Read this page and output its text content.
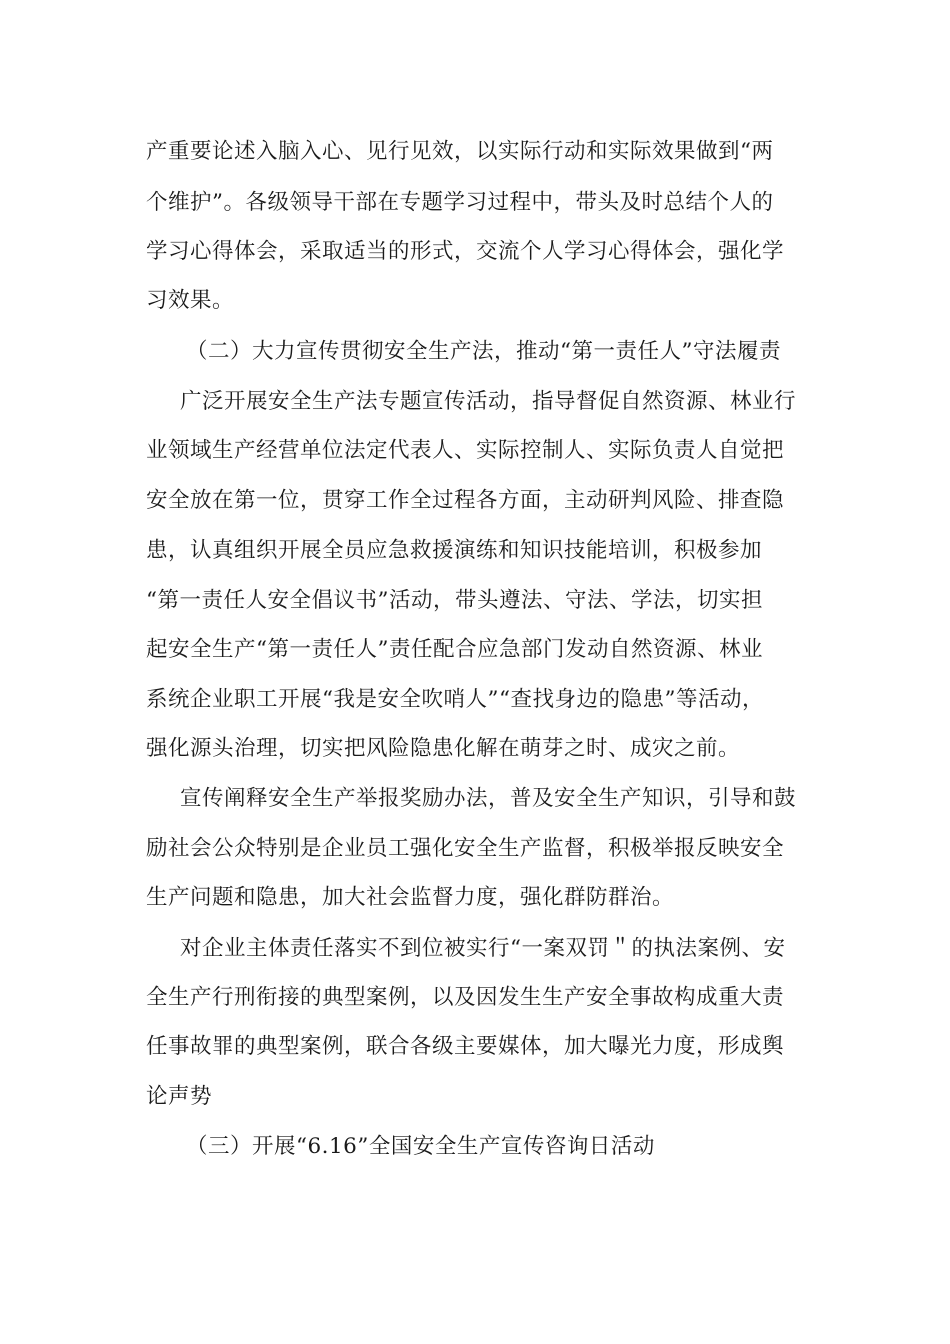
产重要论述入脑入心、见行见效，以实际行动和实际效果做到“两
个维护”。各级领导干部在专题学习过程中，带头及时总结个人的
学习心得体会，采取适当的形式，交流个人学习心得体会，强化学
习效果。
（二）大力宣传贯彻安全生产法，推动“第一责任人”守法履责
广泛开展安全生产法专题宣传活动，指导督促自然资源、林业行
业领域生产经营单位法定代表人、实际控制人、实际负责人自觉把
安全放在第一位，贯穿工作全过程各方面，主动研判风险、排查隐
患，认真组织开展全员应急救援演练和知识技能培训，积极参加
“第一责任人安全倡议书”活动，带头遵法、守法、学法，切实担
起安全生产“第一责任人”责任配合应急部门发动自然资源、林业
系统企业职工开展“我是安全吹哨人”“查找身边的隐患”等活动，
强化源头治理，切实把风险隐患化解在萌芽之时、成灾之前。
宣传阐释安全生产举报奖励办法，普及安全生产知识，引导和鼓
励社会公众特别是企业员工强化安全生产监督，积极举报反映安全
生产问题和隐患，加大社会监督力度，强化群防群治。
对企业主体责任落实不到位被实行“一案双罚＂的执法案例、安
全生产行刑衔接的典型案例，以及因发生生产安全事故构成重大责
任事故罪的典型案例，联合各级主要媒体，加大曝光力度，形成舆
论声势
（三）开展“6.16”全国安全生产宣传咨询日活动
